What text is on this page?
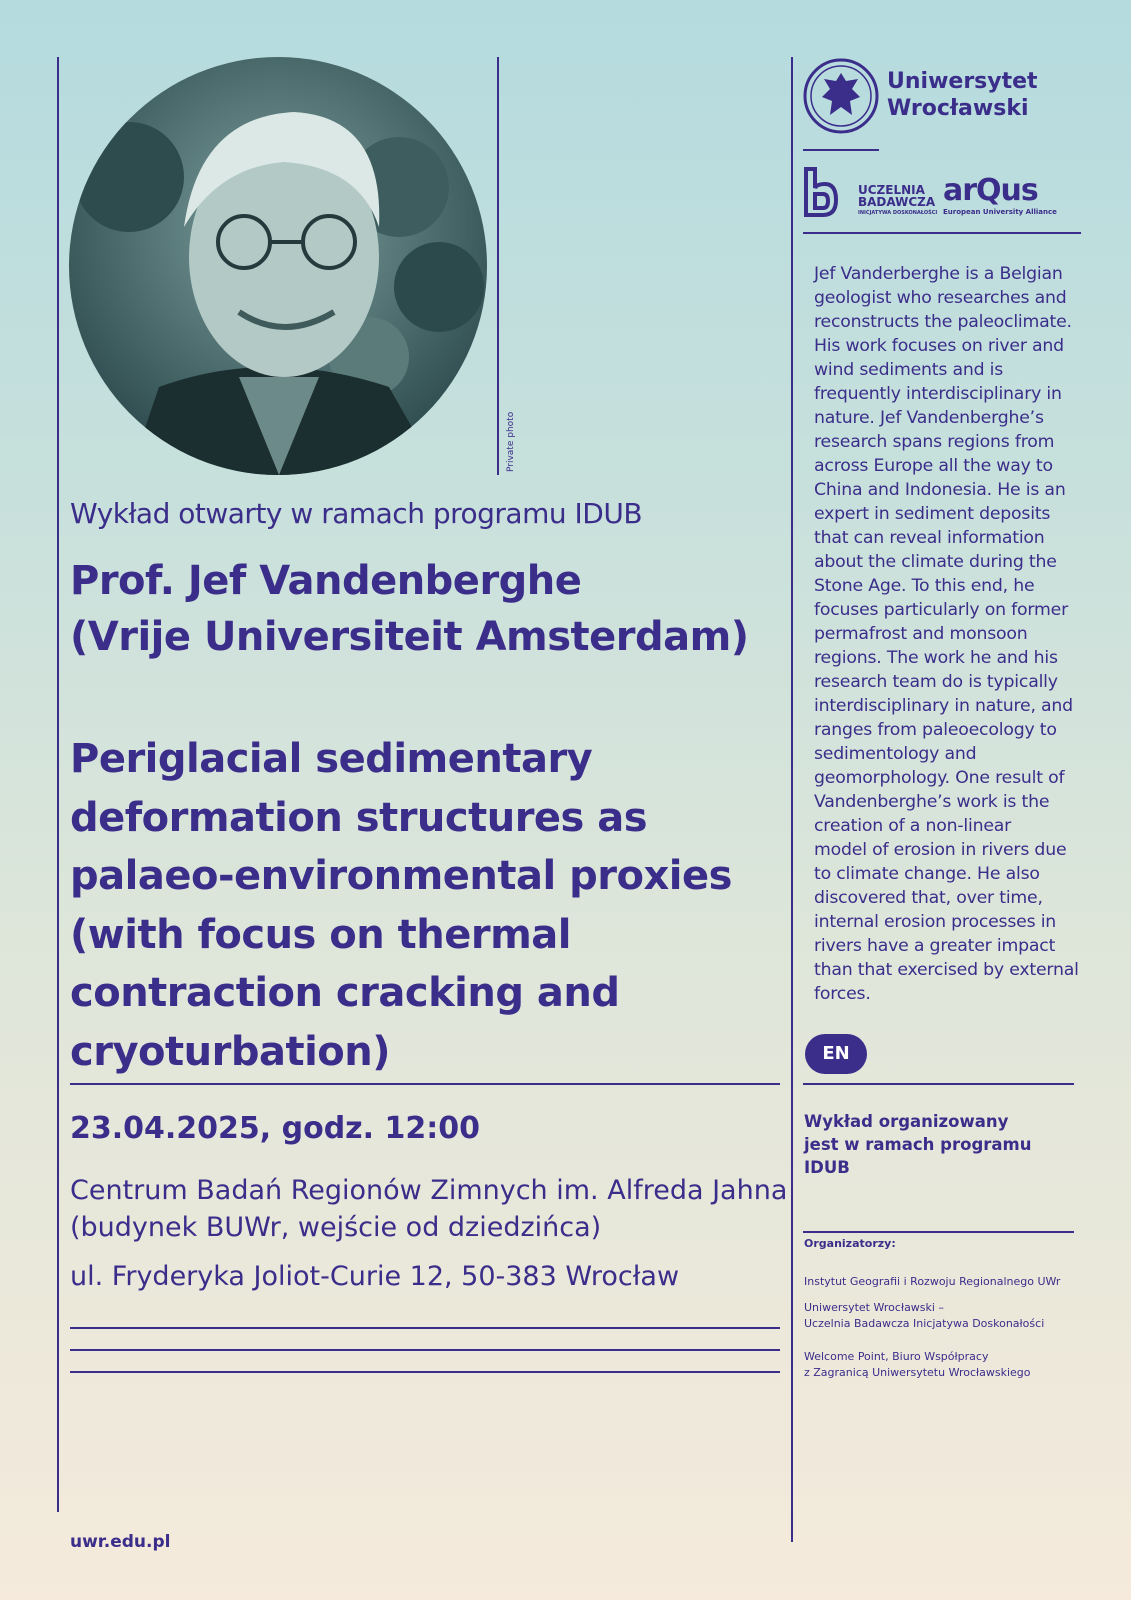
Private photo
Wykład otwarty w ramach programu IDUB
Prof. Jef Vandenberghe
(Vrije Universiteit Amsterdam)
Periglacial sedimentary
deformation structures as
palaeo-environmental proxies
(with focus on thermal
contraction cracking and
cryoturbation)
23.04.2025, godz. 12:00
Centrum Badań Regionów Zimnych im. Alfreda Jahna
(budynek BUWr, wejście od dziedzińca)
ul. Fryderyka Joliot-Curie 12, 50-383 Wrocław
uwr.edu.pl
Uniwersytet
Wrocławski
UCZELNIA
BADAWCZA
INICJATYWA DOSKONAŁOŚCI
arQus
European University Alliance
Jef Vanderberghe is a Belgian
geologist who researches and
reconstructs the paleoclimate.
His work focuses on river and
wind sediments and is
frequently interdisciplinary in
nature. Jef Vandenberghe’s
research spans regions from
across Europe all the way to
China and Indonesia. He is an
expert in sediment deposits
that can reveal information
about the climate during the
Stone Age. To this end, he
focuses particularly on former
permafrost and monsoon
regions. The work he and his
research team do is typically
interdisciplinary in nature, and
ranges from paleoecology to
sedimentology and
geomorphology. One result of
Vandenberghe’s work is the
creation of a non‐linear
model of erosion in rivers due
to climate change. He also
discovered that, over time,
internal erosion processes in
rivers have a greater impact
than that exercised by external
forces.
EN
Wykład organizowany
jest w ramach programu
IDUB
Organizatorzy:
Instytut Geografii i Rozwoju Regionalnego UWr
Uniwersytet Wrocławski –
Uczelnia Badawcza Inicjatywa Doskonałości
Welcome Point, Biuro Współpracy
z Zagranicą Uniwersytetu Wrocławskiego
